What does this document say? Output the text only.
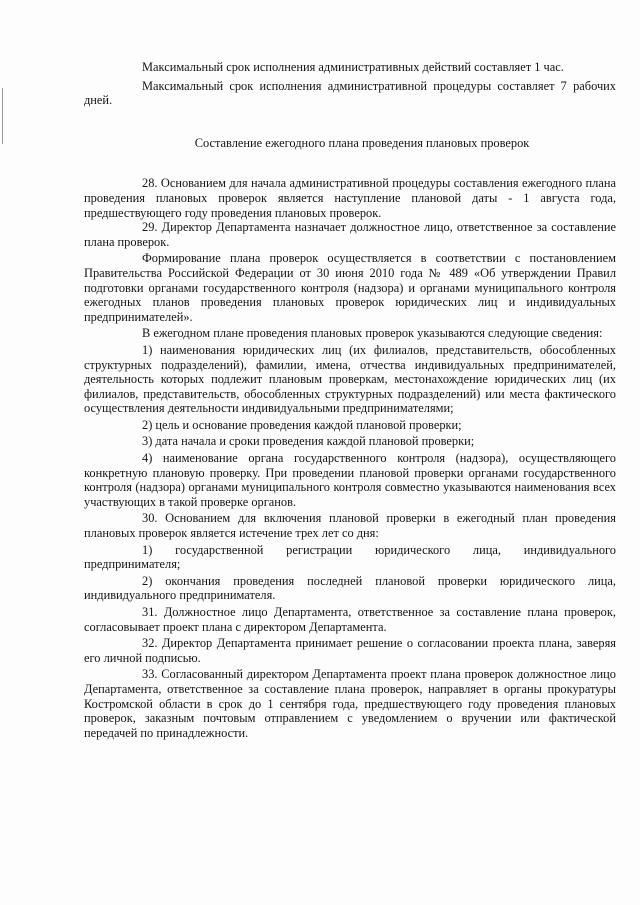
Максимальный срок исполнения административных действий составляет 1 час.

Максимальный срок исполнения административной процедуры составляет 7 рабочих дней.

Составление ежегодного плана проведения плановых проверок

28. Основанием для начала административной процедуры составления ежегодного плана проведения плановых проверок является наступление плановой даты - 1 августа года, предшествующего году проведения плановых проверок.

29. Директор Департамента назначает должностное лицо, ответственное за составление плана проверок.

Формирование плана проверок осуществляется в соответствии с постановлением Правительства Российской Федерации от 30 июня 2010 года № 489 «Об утверждении Правил подготовки органами государственного контроля (надзора) и органами муниципального контроля ежегодных планов проведения плановых проверок юридических лиц и индивидуальных предпринимателей».

В ежегодном плане проведения плановых проверок указываются следующие сведения:

1) наименования юридических лиц (их филиалов, представительств, обособленных структурных подразделений), фамилии, имена, отчества индивидуальных предпринимателей, деятельность которых подлежит плановым проверкам, местонахождение юридических лиц (их филиалов, представительств, обособленных структурных подразделений) или места фактического осуществления деятельности индивидуальными предпринимателями;

2) цель и основание проведения каждой плановой проверки;

3) дата начала и сроки проведения каждой плановой проверки;

4) наименование органа государственного контроля (надзора), осуществляющего конкретную плановую проверку. При проведении плановой проверки органами государственного контроля (надзора) органами муниципального контроля совместно указываются наименования всех участвующих в такой проверке органов.

30. Основанием для включения плановой проверки в ежегодный план проведения плановых проверок является истечение трех лет со дня:

1) государственной регистрации юридического лица, индивидуального предпринимателя;

2) окончания проведения последней плановой проверки юридического лица, индивидуального предпринимателя.

31. Должностное лицо Департамента, ответственное за составление плана проверок, согласовывает проект плана с директором Департамента.

32. Директор Департамента принимает решение о согласовании проекта плана, заверяя его личной подписью.

33. Согласованный директором Департамента проект плана проверок должностное лицо Департамента, ответственное за составление плана проверок, направляет в органы прокуратуры Костромской области в срок до 1 сентября года, предшествующего году проведения плановых проверок, заказным почтовым отправлением с уведомлением о вручении или фактической передачей по принадлежности.
